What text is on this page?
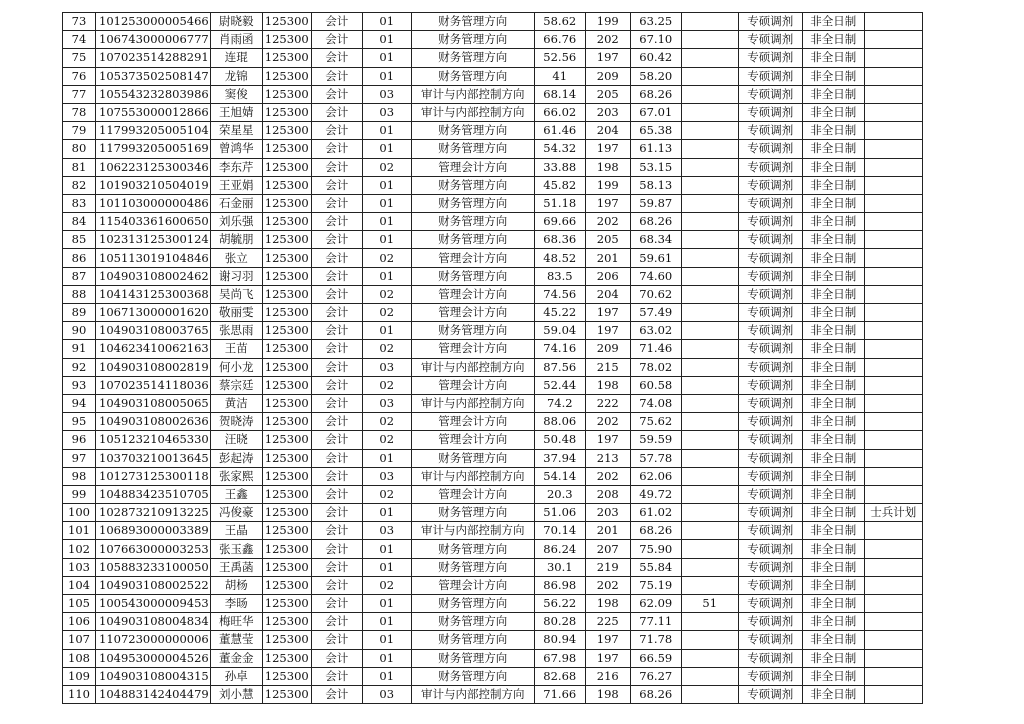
73	101253000005466	尉晓毅	125300	会计	01	财务管理方向	58.62	199	63.25		专硕调剂	非全日制	
74	106743000006777	肖雨函	125300	会计	01	财务管理方向	66.76	202	67.10		专硕调剂	非全日制	
75	107023514288291	连琨	125300	会计	01	财务管理方向	52.56	197	60.42		专硕调剂	非全日制	
76	105373502508147	龙锦	125300	会计	01	财务管理方向	41	209	58.20		专硕调剂	非全日制	
77	105543232803986	窦俊	125300	会计	03	审计与内部控制方向	68.14	205	68.26		专硕调剂	非全日制	
78	107553000012866	王旭婧	125300	会计	03	审计与内部控制方向	66.02	203	67.01		专硕调剂	非全日制	
79	117993205005104	荣星星	125300	会计	01	财务管理方向	61.46	204	65.38		专硕调剂	非全日制	
80	117993205005169	曾鸿华	125300	会计	01	财务管理方向	54.32	197	61.13		专硕调剂	非全日制	
81	106223125300346	李东芹	125300	会计	02	管理会计方向	33.88	198	53.15		专硕调剂	非全日制	
82	101903210504019	王亚娟	125300	会计	01	财务管理方向	45.82	199	58.13		专硕调剂	非全日制	
83	101103000000486	石金丽	125300	会计	01	财务管理方向	51.18	197	59.87		专硕调剂	非全日制	
84	115403361600650	刘乐强	125300	会计	01	财务管理方向	69.66	202	68.26		专硕调剂	非全日制	
85	102313125300124	胡毓朋	125300	会计	01	财务管理方向	68.36	205	68.34		专硕调剂	非全日制	
86	105113019104846	张立	125300	会计	02	管理会计方向	48.52	201	59.61		专硕调剂	非全日制	
87	104903108002462	谢习羽	125300	会计	01	财务管理方向	83.5	206	74.60		专硕调剂	非全日制	
88	104143125300368	吴尚飞	125300	会计	02	管理会计方向	74.56	204	70.62		专硕调剂	非全日制	
89	106713000001620	敬丽雯	125300	会计	02	管理会计方向	45.22	197	57.49		专硕调剂	非全日制	
90	104903108003765	张思雨	125300	会计	01	财务管理方向	59.04	197	63.02		专硕调剂	非全日制	
91	104623410062163	王苗	125300	会计	02	管理会计方向	74.16	209	71.46		专硕调剂	非全日制	
92	104903108002819	何小龙	125300	会计	03	审计与内部控制方向	87.56	215	78.02		专硕调剂	非全日制	
93	107023514118036	蔡宗廷	125300	会计	02	管理会计方向	52.44	198	60.58		专硕调剂	非全日制	
94	104903108005065	黄洁	125300	会计	03	审计与内部控制方向	74.2	222	74.08		专硕调剂	非全日制	
95	104903108002636	贺晓涛	125300	会计	02	管理会计方向	88.06	202	75.62		专硕调剂	非全日制	
96	105123210465330	汪晓	125300	会计	02	管理会计方向	50.48	197	59.59		专硕调剂	非全日制	
97	103703210013645	彭起涛	125300	会计	01	财务管理方向	37.94	213	57.78		专硕调剂	非全日制	
98	101273125300118	张家熙	125300	会计	03	审计与内部控制方向	54.14	202	62.06		专硕调剂	非全日制	
99	104883423510705	王鑫	125300	会计	02	管理会计方向	20.3	208	49.72		专硕调剂	非全日制	
100	102873210913225	冯俊豪	125300	会计	01	财务管理方向	51.06	203	61.02		专硕调剂	非全日制	士兵计划
101	106893000003389	王晶	125300	会计	03	审计与内部控制方向	70.14	201	68.26		专硕调剂	非全日制	
102	107663000003253	张玉鑫	125300	会计	01	财务管理方向	86.24	207	75.90		专硕调剂	非全日制	
103	105883233100050	王禹菡	125300	会计	01	财务管理方向	30.1	219	55.84		专硕调剂	非全日制	
104	104903108002522	胡杨	125300	会计	02	管理会计方向	86.98	202	75.19		专硕调剂	非全日制	
105	100543000009453	李旸	125300	会计	01	财务管理方向	56.22	198	62.09	51	专硕调剂	非全日制	
106	104903108004834	梅旺华	125300	会计	01	财务管理方向	80.28	225	77.11		专硕调剂	非全日制	
107	110723000000006	董慧莹	125300	会计	01	财务管理方向	80.94	197	71.78		专硕调剂	非全日制	
108	104953000004526	董金金	125300	会计	01	财务管理方向	67.98	197	66.59		专硕调剂	非全日制	
109	104903108004315	孙卓	125300	会计	01	财务管理方向	82.68	216	76.27		专硕调剂	非全日制	
110	104883142404479	刘小慧	125300	会计	03	审计与内部控制方向	71.66	198	68.26		专硕调剂	非全日制	
